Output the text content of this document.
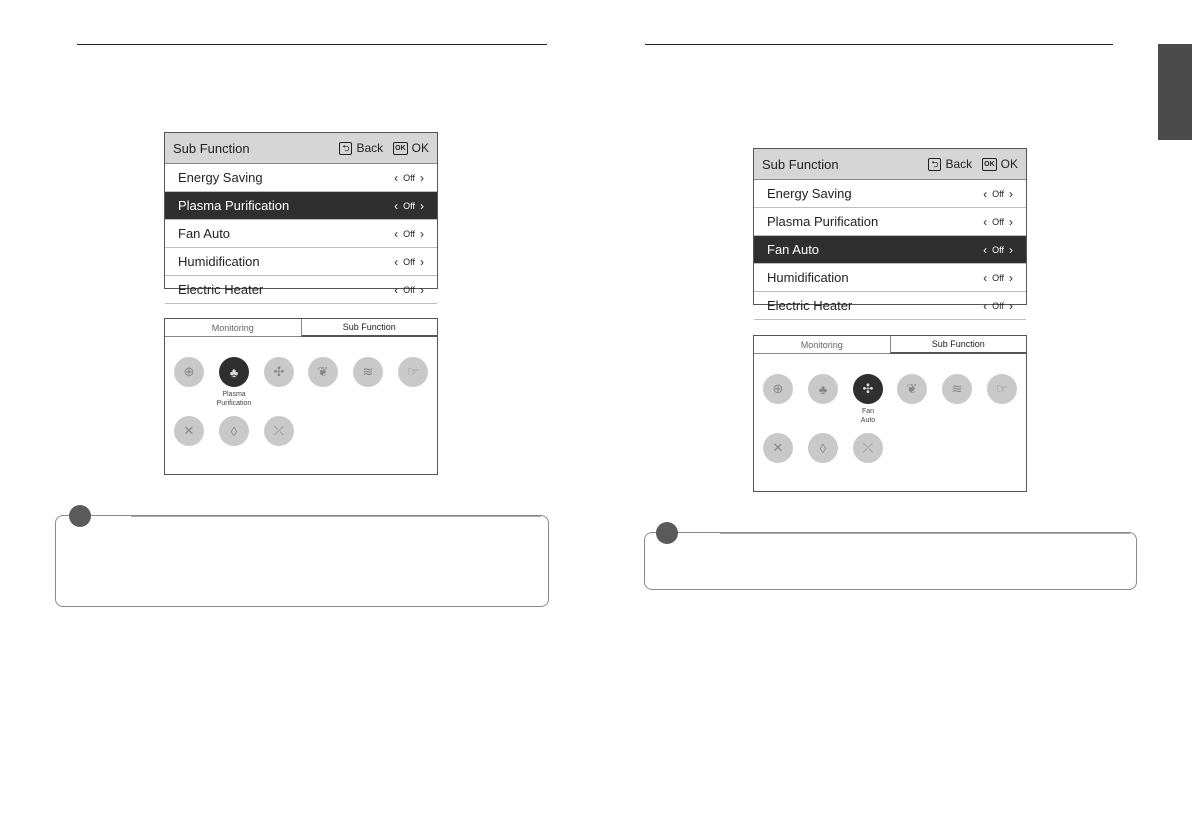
Sub Function	⮌ Back OK OK
Energy Saving	‹ Off ›
Plasma Purification	‹ Off ›
Fan Auto	‹ Off ›
Humidification	‹ Off ›
Electric Heater	‹ Off ›
Monitoring	Sub Function
⊕	♣	✣	❦	≋	☞
✕	◊	⤫
Plasma
Purification
Sub Function	⮌ Back OK OK
Energy Saving	‹ Off ›
Plasma Purification	‹ Off ›
Fan Auto	‹ Off ›
Humidification	‹ Off ›
Electric Heater	‹ Off ›
Monitoring	Sub Function
⊕	♣	✣	❦	≋	☞
✕	◊	⤫
Fan
Auto
